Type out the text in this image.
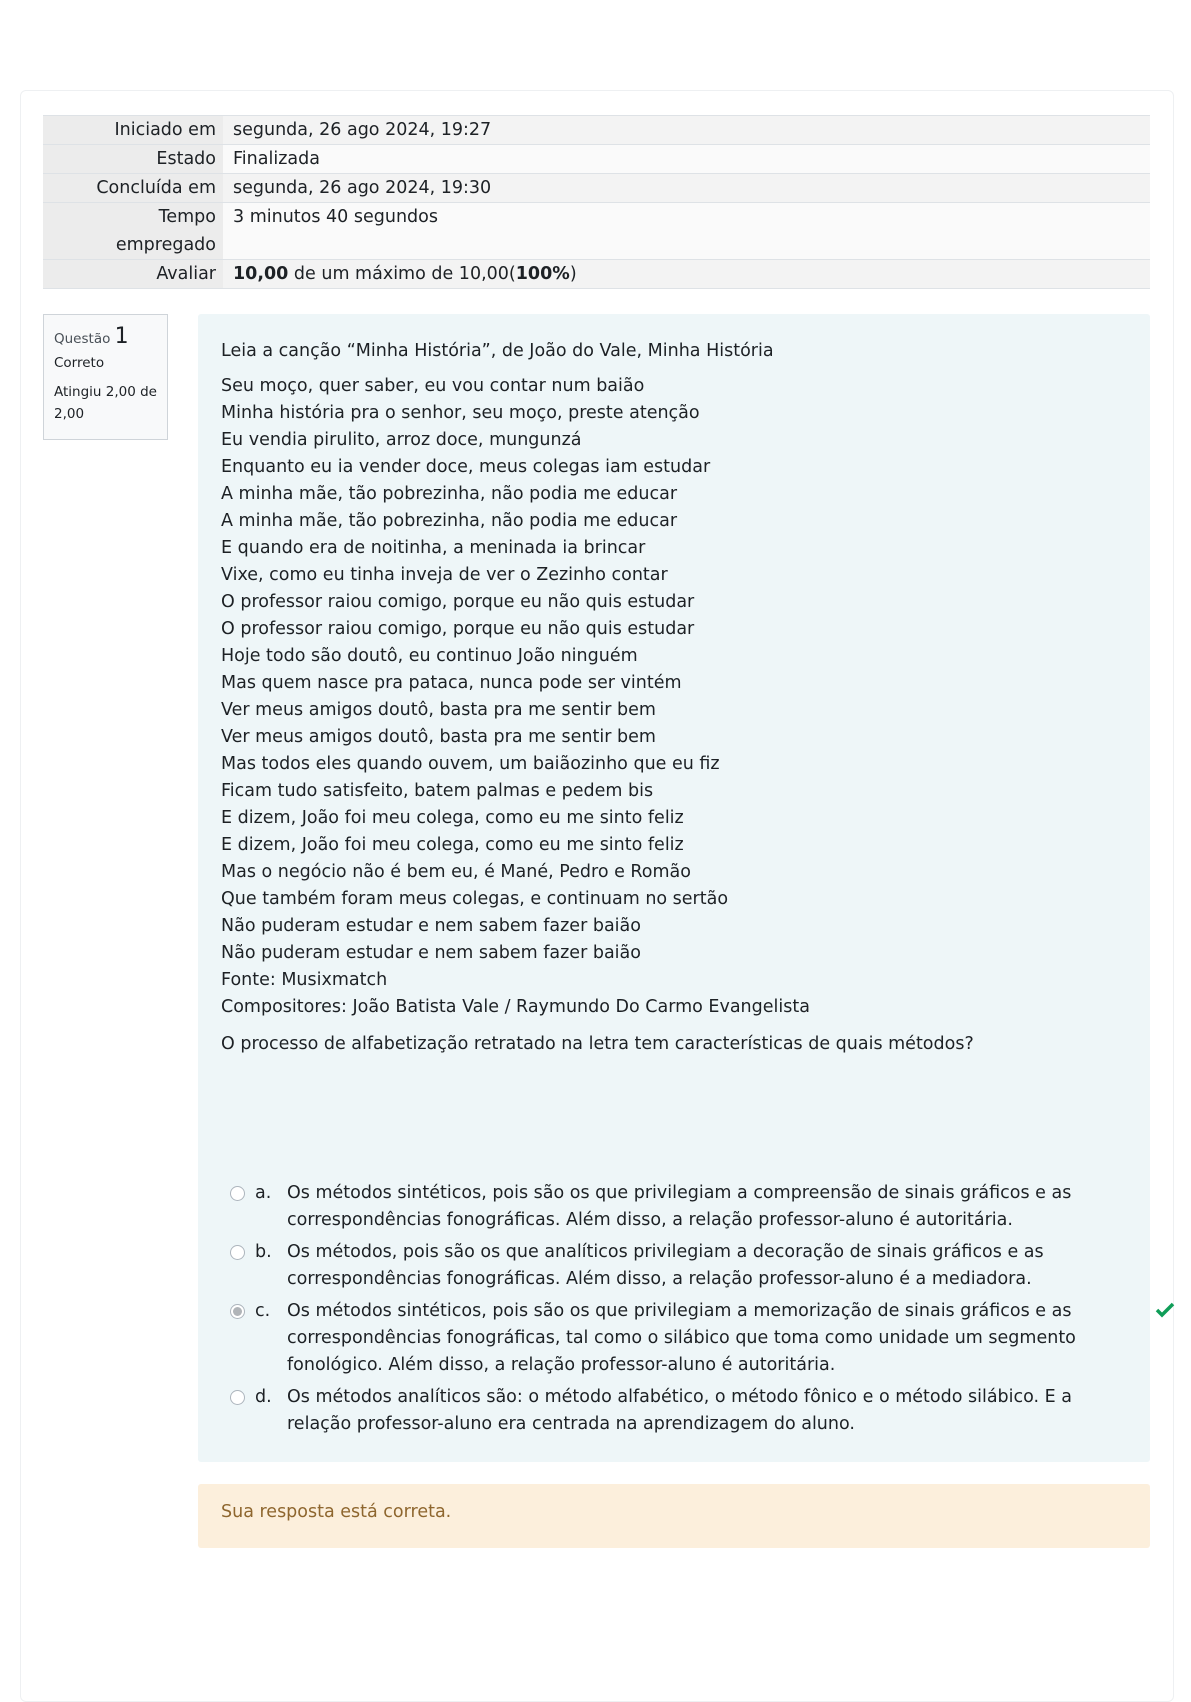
Iniciado em segunda, 26 ago 2024, 19:27
Estado Finalizada
Concluída em segunda, 26 ago 2024, 19:30
Tempo
empregado
3 minutos 40 segundos
Avaliar 10,00 de um máximo de 10,00(100%)
Questão 1
Correto
Atingiu 2,00 de 2,00

Leia a canção “Minha História”, de João do Vale, Minha História

Seu moço, quer saber, eu vou contar num baião

Minha história pra o senhor, seu moço, preste atenção

Eu vendia pirulito, arroz doce, mungunzá

Enquanto eu ia vender doce, meus colegas iam estudar

A minha mãe, tão pobrezinha, não podia me educar

A minha mãe, tão pobrezinha, não podia me educar

E quando era de noitinha, a meninada ia brincar

Vixe, como eu tinha inveja de ver o Zezinho contar

O professor raiou comigo, porque eu não quis estudar

O professor raiou comigo, porque eu não quis estudar

Hoje todo são doutô, eu continuo João ninguém

Mas quem nasce pra pataca, nunca pode ser vintém

Ver meus amigos doutô, basta pra me sentir bem

Ver meus amigos doutô, basta pra me sentir bem

Mas todos eles quando ouvem, um baiãozinho que eu fiz

Ficam tudo satisfeito, batem palmas e pedem bis

E dizem, João foi meu colega, como eu me sinto feliz

E dizem, João foi meu colega, como eu me sinto feliz

Mas o negócio não é bem eu, é Mané, Pedro e Romão

Que também foram meus colegas, e continuam no sertão

Não puderam estudar e nem sabem fazer baião

Não puderam estudar e nem sabem fazer baião

Fonte: Musixmatch

Compositores: João Batista Vale / Raymundo Do Carmo Evangelista

O processo de alfabetização retratado na letra tem características de quais métodos?

a. Os métodos sintéticos, pois são os que privilegiam a compreensão de sinais gráficos e as correspondências fonográficas. Além disso, a relação professor-aluno é autoritária.
b. Os métodos, pois são os que analíticos privilegiam a decoração de sinais gráficos e as correspondências fonográficas. Além disso, a relação professor-aluno é a mediadora.
c. Os métodos sintéticos, pois são os que privilegiam a memorização de sinais gráficos e as correspondências fonográficas, tal como o silábico que toma como unidade um segmento fonológico. Além disso, a relação professor-aluno é autoritária.
d. Os métodos analíticos são: o método alfabético, o método fônico e o método silábico. E a relação professor-aluno era centrada na aprendizagem do aluno.
Sua resposta está correta.
